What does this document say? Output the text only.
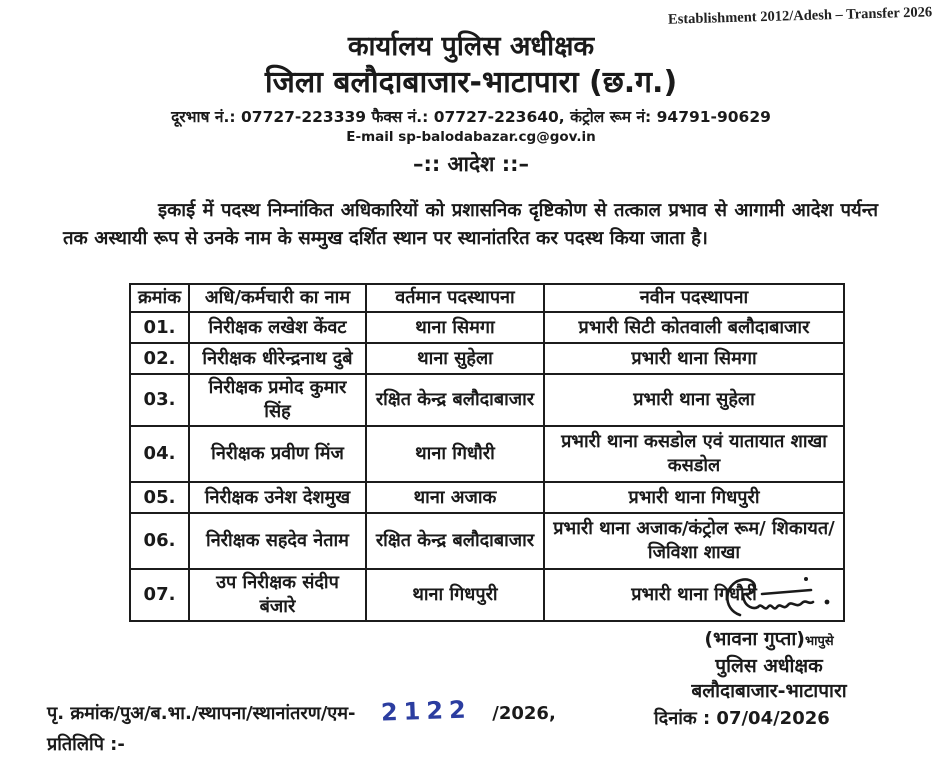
Establishment 2012/Adesh – Transfer 2026
कार्यालय पुलिस अधीक्षक
जिला बलौदाबाजार-भाटापारा (छ.ग.)
दूरभाष नं.: 07727-223339 फैक्स नं.: 07727-223640, कंट्रोल रूम नं: 94791-90629
E-mail sp-balodabazar.cg@gov.in
–:: आदेश ::–
इकाई में पदस्थ निम्नांकित अधिकारियों को प्रशासनिक दृष्टिकोण से तत्काल प्रभाव से आगामी आदेश पर्यन्त तक अस्थायी रूप से उनके नाम के सम्मुख दर्शित स्थान पर स्थानांतरित कर पदस्थ किया जाता है।
क्रमांक	अधि/कर्मचारी का नाम	वर्तमान पदस्थापना	नवीन पदस्थापना
01.	निरीक्षक लखेश केंवट	थाना सिमगा	प्रभारी सिटी कोतवाली बलौदाबाजार
02.	निरीक्षक धीरेन्द्रनाथ दुबे	थाना सुहेला	प्रभारी थाना सिमगा
03.	निरीक्षक प्रमोद कुमार सिंह	रक्षित केन्द्र बलौदाबाजार	प्रभारी थाना सुहेला
04.	निरीक्षक प्रवीण मिंज	थाना गिधौरी	प्रभारी थाना कसडोल एवं यातायात शाखा कसडोल
05.	निरीक्षक उनेश देशमुख	थाना अजाक	प्रभारी थाना गिधपुरी
06.	निरीक्षक सहदेव नेताम	रक्षित केन्द्र बलौदाबाजार	प्रभारी थाना अजाक/कंट्रोल रूम/ शिकायत/जिविशा शाखा
07.	उप निरीक्षक संदीप बंजारे	थाना गिधपुरी	प्रभारी थाना गिधौरी
(भावना गुप्ता)भापुसे
पुलिस अधीक्षक
बलौदाबाजार-भाटापारा
दिनांक : 07/04/2026
पृ. क्रमांक/पुअ/ब.भा./स्थापना/स्थानांतरण/एम- 2122 /2026,
प्रतिलिपि :-
